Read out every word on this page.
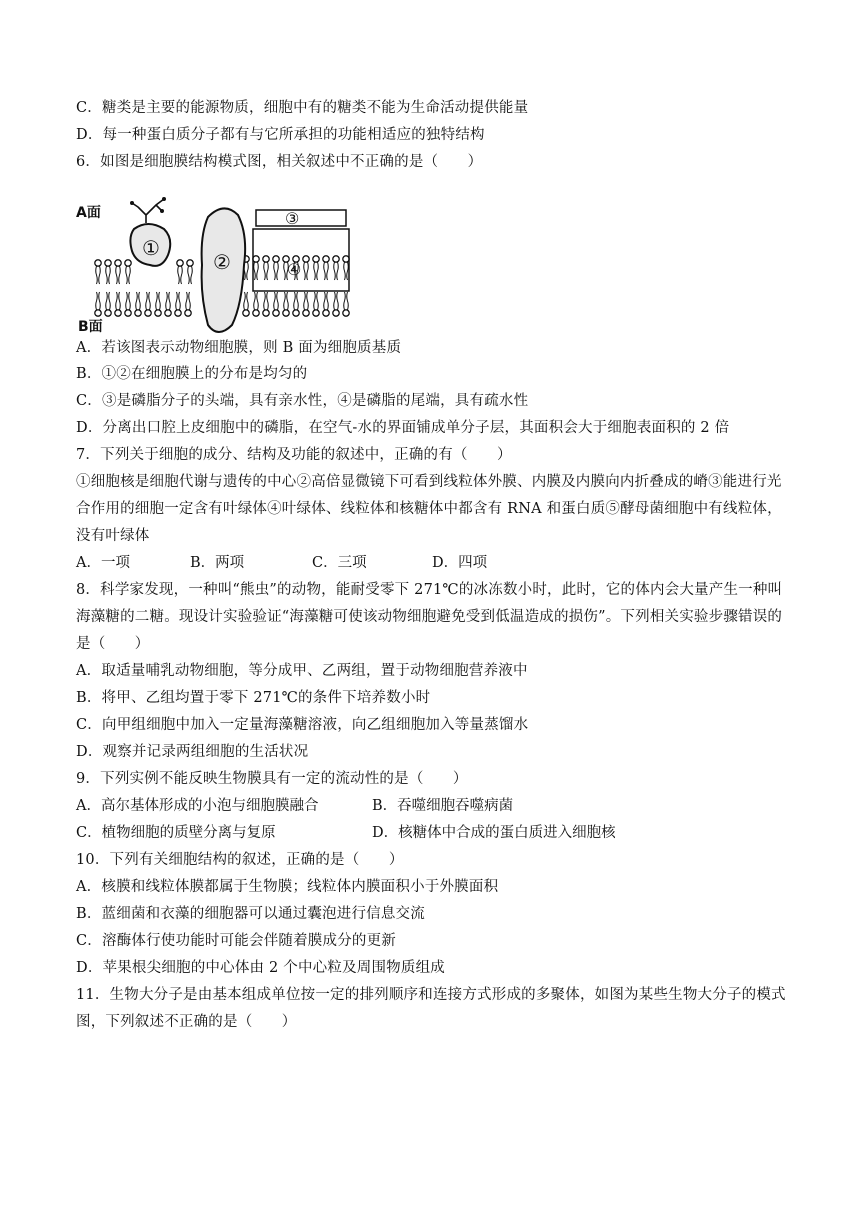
C．糖类是主要的能源物质，细胞中有的糖类不能为生命活动提供能量
D．每一种蛋白质分子都有与它所承担的功能相适应的独特结构
6．如图是细胞膜结构模式图，相关叙述中不正确的是（　　）
①
②
③
④
A面
B面
A．若该图表示动物细胞膜，则 B 面为细胞质基质
B．①②在细胞膜上的分布是均匀的
C．③是磷脂分子的头端，具有亲水性，④是磷脂的尾端，具有疏水性
D．分离出口腔上皮细胞中的磷脂，在空气-水的界面铺成单分子层，其面积会大于细胞表面积的 2 倍
7．下列关于细胞的成分、结构及功能的叙述中，正确的有（　　）
①细胞核是细胞代谢与遗传的中心②高倍显微镜下可看到线粒体外膜、内膜及内膜向内折叠成的嵴③能进行光
合作用的细胞一定含有叶绿体④叶绿体、线粒体和核糖体中都含有 RNA 和蛋白质⑤酵母菌细胞中有线粒体，
没有叶绿体
A．一项	B．两项	C．三项	D．四项
8．科学家发现，一种叫“熊虫”的动物，能耐受零下 271℃的冰冻数小时，此时，它的体内会大量产生一种叫
海藻糖的二糖。现设计实验验证“海藻糖可使该动物细胞避免受到低温造成的损伤”。下列相关实验步骤错误的
是（　　）
A．取适量哺乳动物细胞，等分成甲、乙两组，置于动物细胞营养液中
B．将甲、乙组均置于零下 271℃的条件下培养数小时
C．向甲组细胞中加入一定量海藻糖溶液，向乙组细胞加入等量蒸馏水
D．观察并记录两组细胞的生活状况
9．下列实例不能反映生物膜具有一定的流动性的是（　　）
A．高尔基体形成的小泡与细胞膜融合	B．吞噬细胞吞噬病菌
C．植物细胞的质壁分离与复原	D．核糖体中合成的蛋白质进入细胞核
10．下列有关细胞结构的叙述，正确的是（　　）
A．核膜和线粒体膜都属于生物膜；线粒体内膜面积小于外膜面积
B．蓝细菌和衣藻的细胞器可以通过囊泡进行信息交流
C．溶酶体行使功能时可能会伴随着膜成分的更新
D．苹果根尖细胞的中心体由 2 个中心粒及周围物质组成
11．生物大分子是由基本组成单位按一定的排列顺序和连接方式形成的多聚体，如图为某些生物大分子的模式
图，下列叙述不正确的是（　　）
